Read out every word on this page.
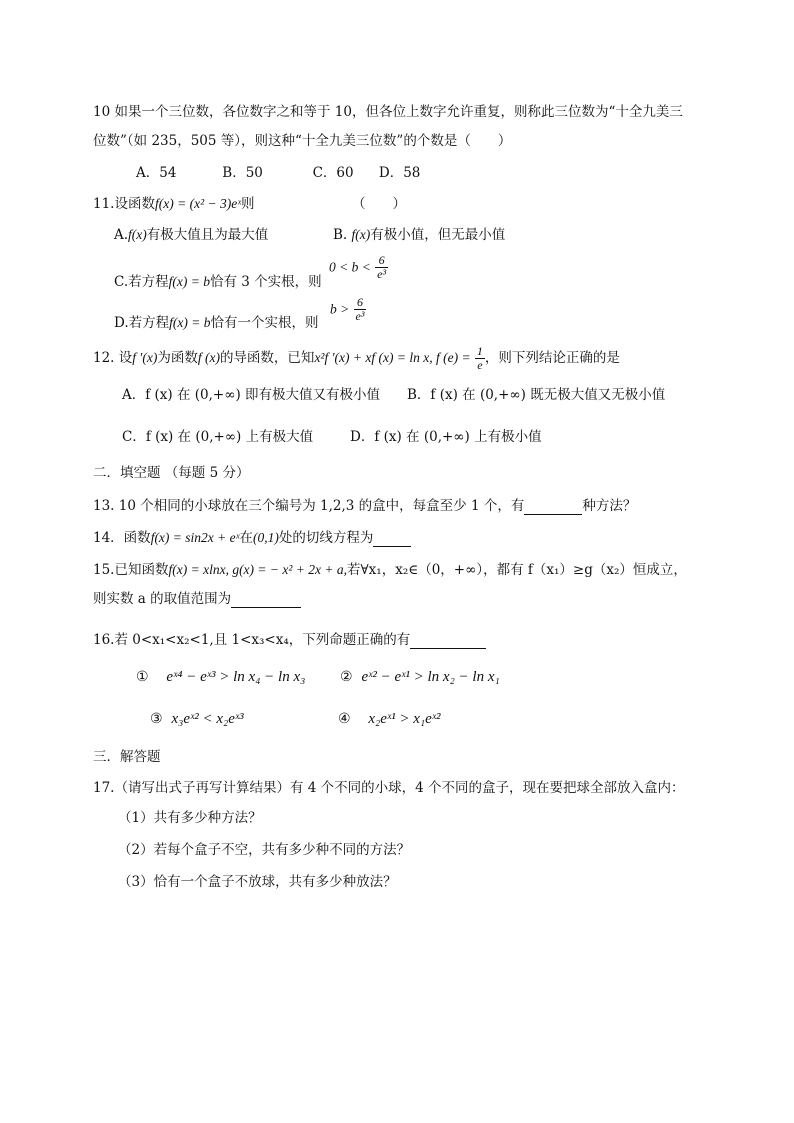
10 如果一个三位数，各位数字之和等于 10，但各位上数字允许重复，则称此三位数为“十全九美三
位数”（如 235，505 等），则这种“十全九美三位数”的个数是（　　）
A．54	B．50	C．60 D．58
11.设函数f(x) = (x² − 3)eˣ则	（　　）
A.f(x)有极大值且为最大值	B. f(x)有极小值，但无最小值
C.若方程f(x) = b恰有 3 个实根，则
$0 < b < \frac{6}{\text{e³}}$
D.若方程f(x) = b恰有一个实根，则
$b > \frac{6}{\text{e³}}$
12. 设f ′(x)为函数f (x)的导函数，已知x²f ′(x) + xf (x) = ln x, f $(e) = \frac{1}{e}$ ，则下列结论正确的是
A．f (x) 在 (0,+∞) 即有极大值又有极小值 B．f (x) 在 (0,+∞) 既无极大值又无极小值
C．f (x) 在 (0,+∞) 上有极大值	D．f (x) 在 (0,+∞) 上有极小值
二．填空题 （每题 5 分）
13. 10 个相同的小球放在三个编号为 1,2,3 的盒中，每盒至少 1 个，有	种方法？
14．函数f(x) = sin2x + eˣ在(0,1)处的切线方程为
15.已知函数f(x) = xlnx, g(x) = − x² + 2x + a,若∀x₁，x₂∈（0，+∞），都有 f（x₁）≥g（x₂）恒成立，
则实数 a 的取值范围为
16.若 0<x₁<x₂<1,且 1<x₃<x₄，下列命题正确的有
① eˣ⁴ − eˣ³ > ln x₄ − ln x₃ ② eˣ² − eˣ¹ > ln x₂ − ln x₁
③ x₃eˣ² < x₂eˣ³	④ x₂eˣ¹ > x₁eˣ²
三．解答题
17.（请写出式子再写计算结果）有 4 个不同的小球，4 个不同的盒子，现在要把球全部放入盒内：
（1）共有多少种方法？
（2）若每个盒子不空，共有多少种不同的方法？
（3）恰有一个盒子不放球，共有多少种放法？
